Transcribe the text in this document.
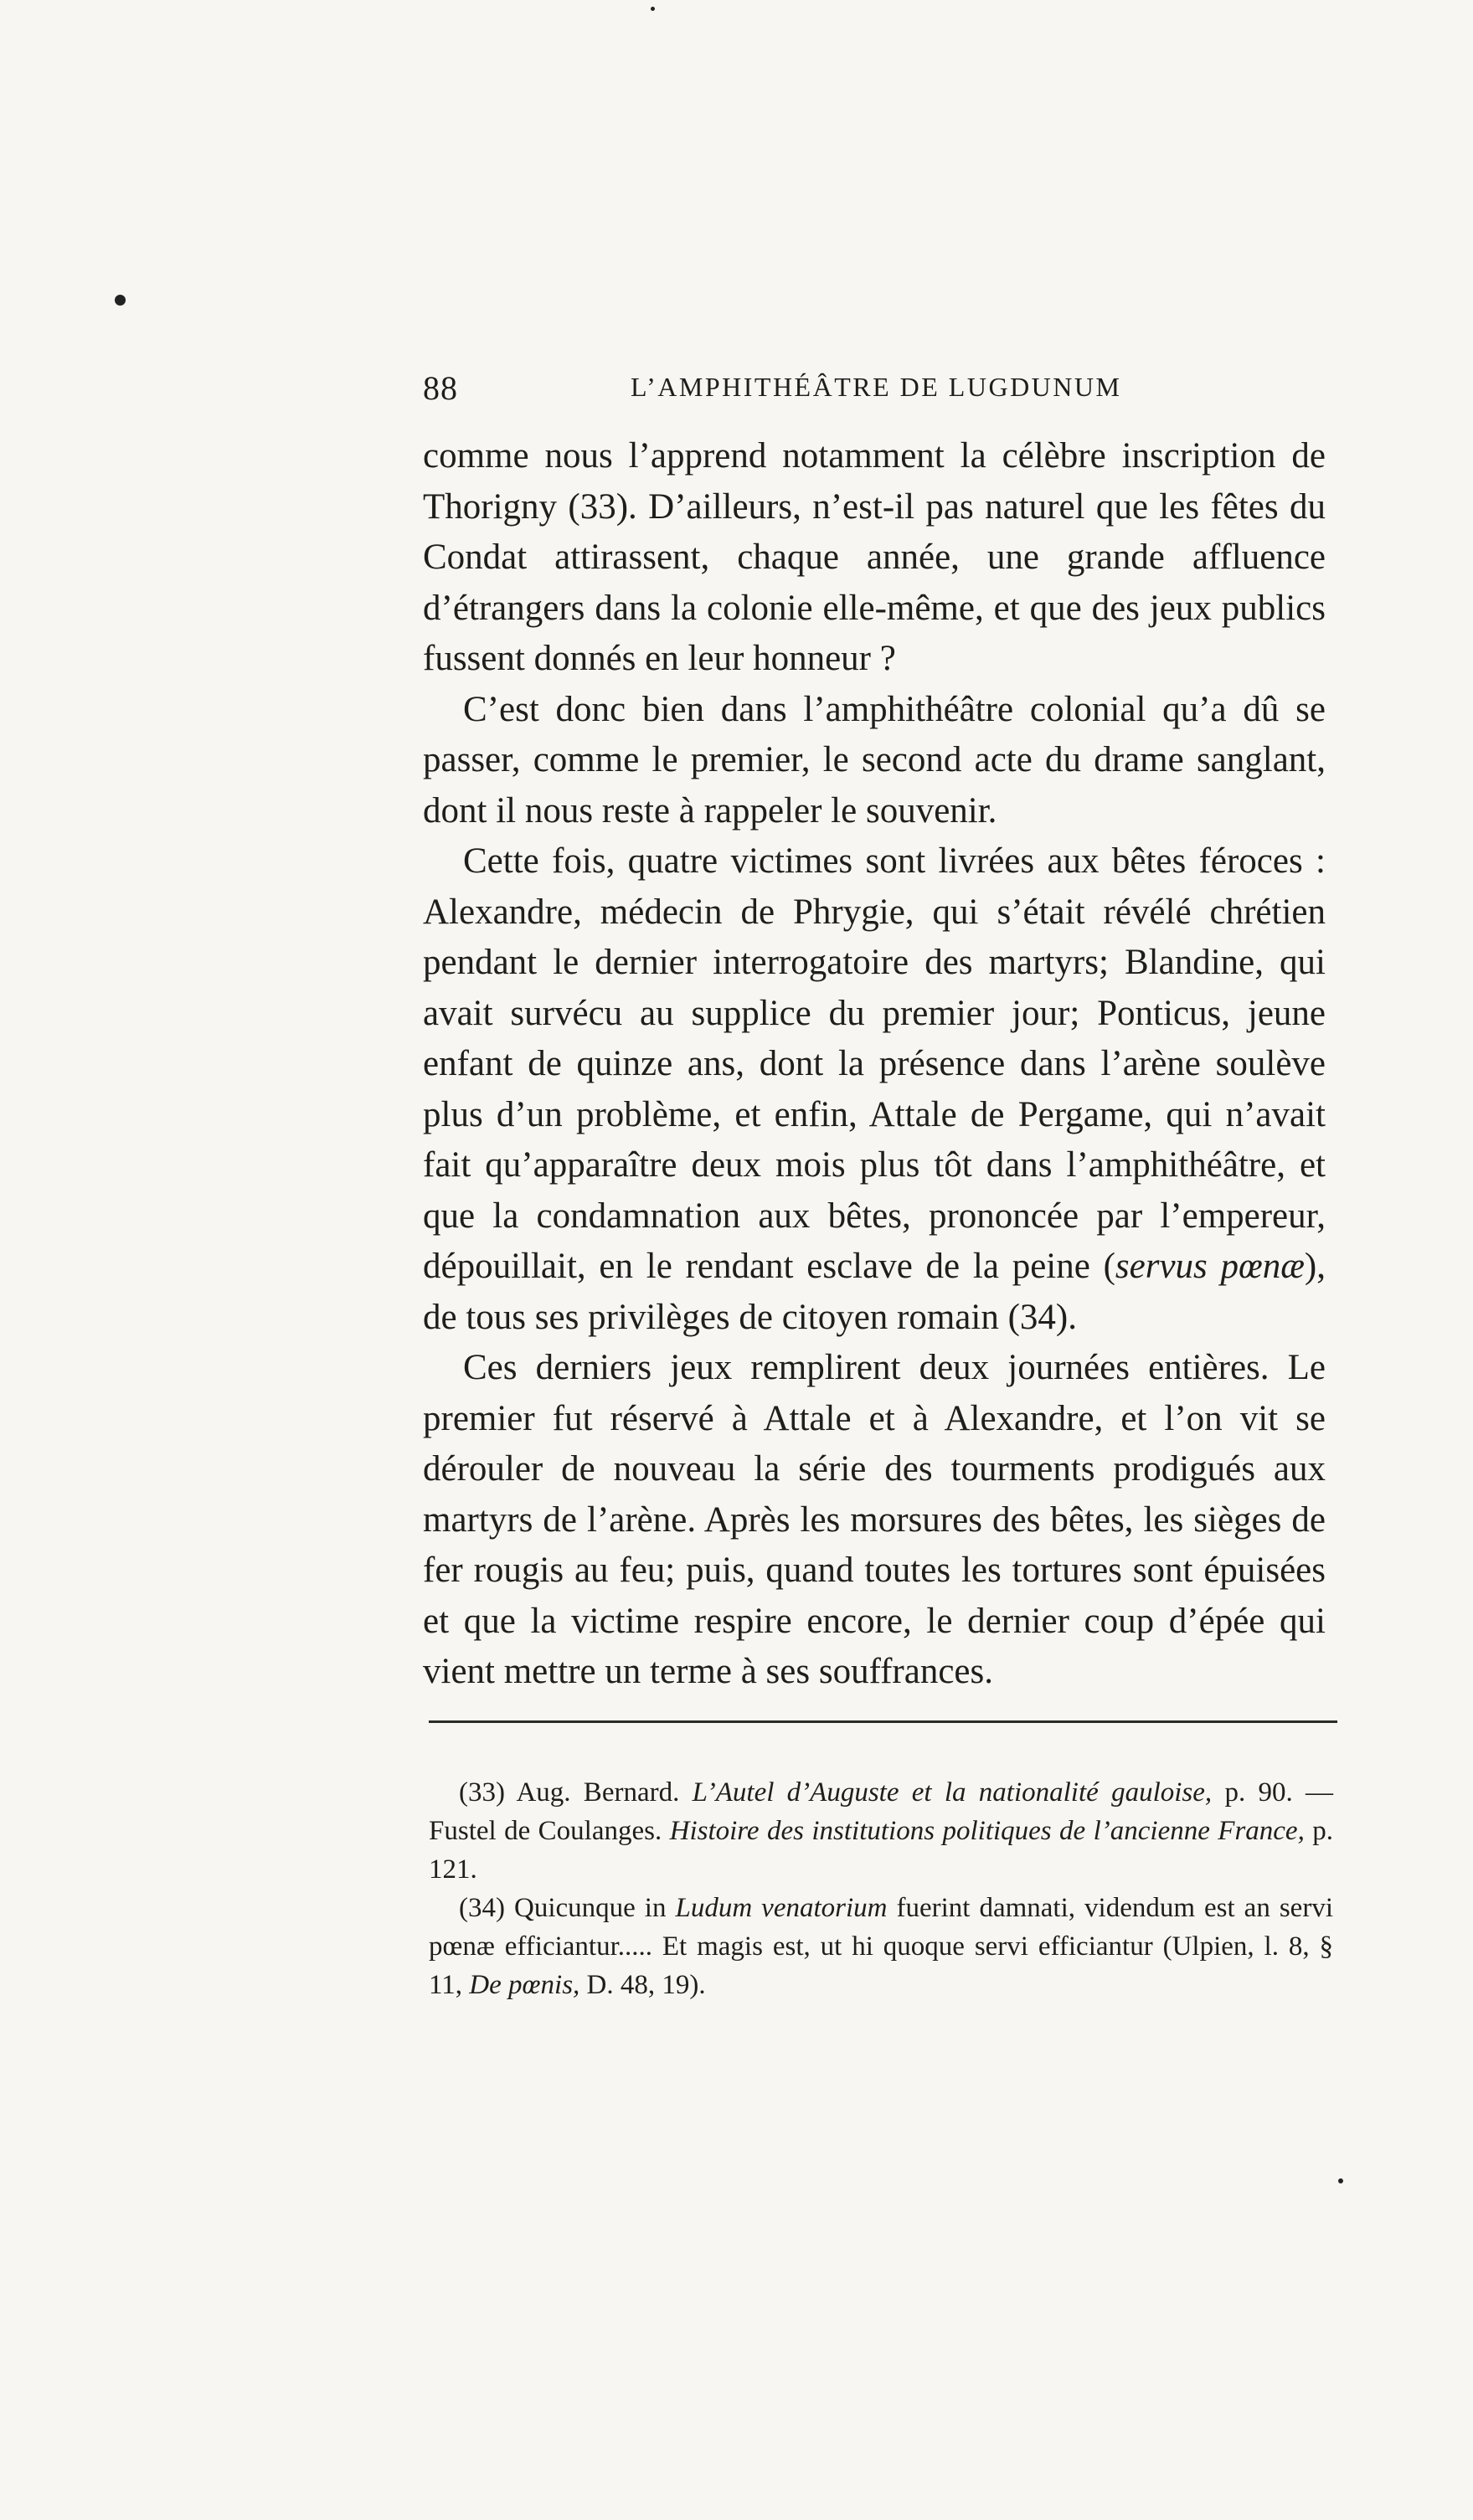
88	L’AMPHITHÉÂTRE DE LUGDUNUM

comme nous l’apprend notamment la célèbre inscription de Thorigny (33). D’ailleurs, n’est-il pas naturel que les fêtes du Condat attirassent, chaque année, une grande affluence d’étrangers dans la colonie elle-même, et que des jeux publics fussent donnés en leur honneur ?

C’est donc bien dans l’amphithéâtre colonial qu’a dû se passer, comme le premier, le second acte du drame sanglant, dont il nous reste à rappeler le souvenir.

Cette fois, quatre victimes sont livrées aux bêtes féroces : Alexandre, médecin de Phrygie, qui s’était révélé chrétien pendant le dernier interrogatoire des martyrs; Blandine, qui avait survécu au supplice du premier jour; Ponticus, jeune enfant de quinze ans, dont la présence dans l’arène soulève plus d’un problème, et enfin, Attale de Pergame, qui n’avait fait qu’apparaître deux mois plus tôt dans l’amphithéâtre, et que la condamnation aux bêtes, prononcée par l’empereur, dépouillait, en le rendant esclave de la peine (servus pœnæ), de tous ses privilèges de citoyen romain (34).

Ces derniers jeux remplirent deux journées entières. Le premier fut réservé à Attale et à Alexandre, et l’on vit se dérouler de nouveau la série des tourments prodigués aux martyrs de l’arène. Après les morsures des bêtes, les sièges de fer rougis au feu; puis, quand toutes les tortures sont épuisées et que la victime respire encore, le dernier coup d’épée qui vient mettre un terme à ses souffrances.

(33) Aug. Bernard. L’Autel d’Auguste et la nationalité gauloise, p. 90. — Fustel de Coulanges. Histoire des institutions politiques de l’ancienne France, p. 121.

(34) Quicunque in Ludum venatorium fuerint damnati, videndum est an servi pœnæ efficiantur..... Et magis est, ut hi quoque servi efficiantur (Ulpien, l. 8, § 11, De pœnis, D. 48, 19).
